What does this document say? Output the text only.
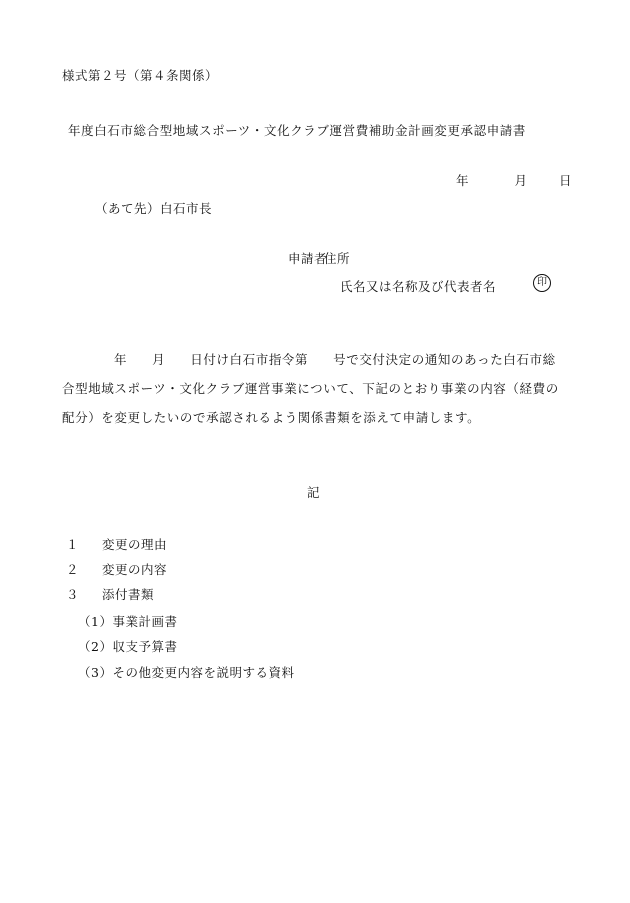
様式第２号（第４条関係）
年度白石市総合型地域スポーツ・文化クラブ運営費補助金計画変更承認申請書
年	月	日
（あて先）白石市長
申請者
住所
氏名又は名称及び代表者名	印
年 月 日付け白石市指令第 号で交付決定の通知のあった白石市総
合型地域スポーツ・文化クラブ運営事業について、下記のとおり事業の内容（経費の
配分）を変更したいので承認されるよう関係書類を添えて申請します。
記
１ 変更の理由
２ 変更の内容
３ 添付書類
（1）事業計画書
（2）収支予算書
（3）その他変更内容を説明する資料
